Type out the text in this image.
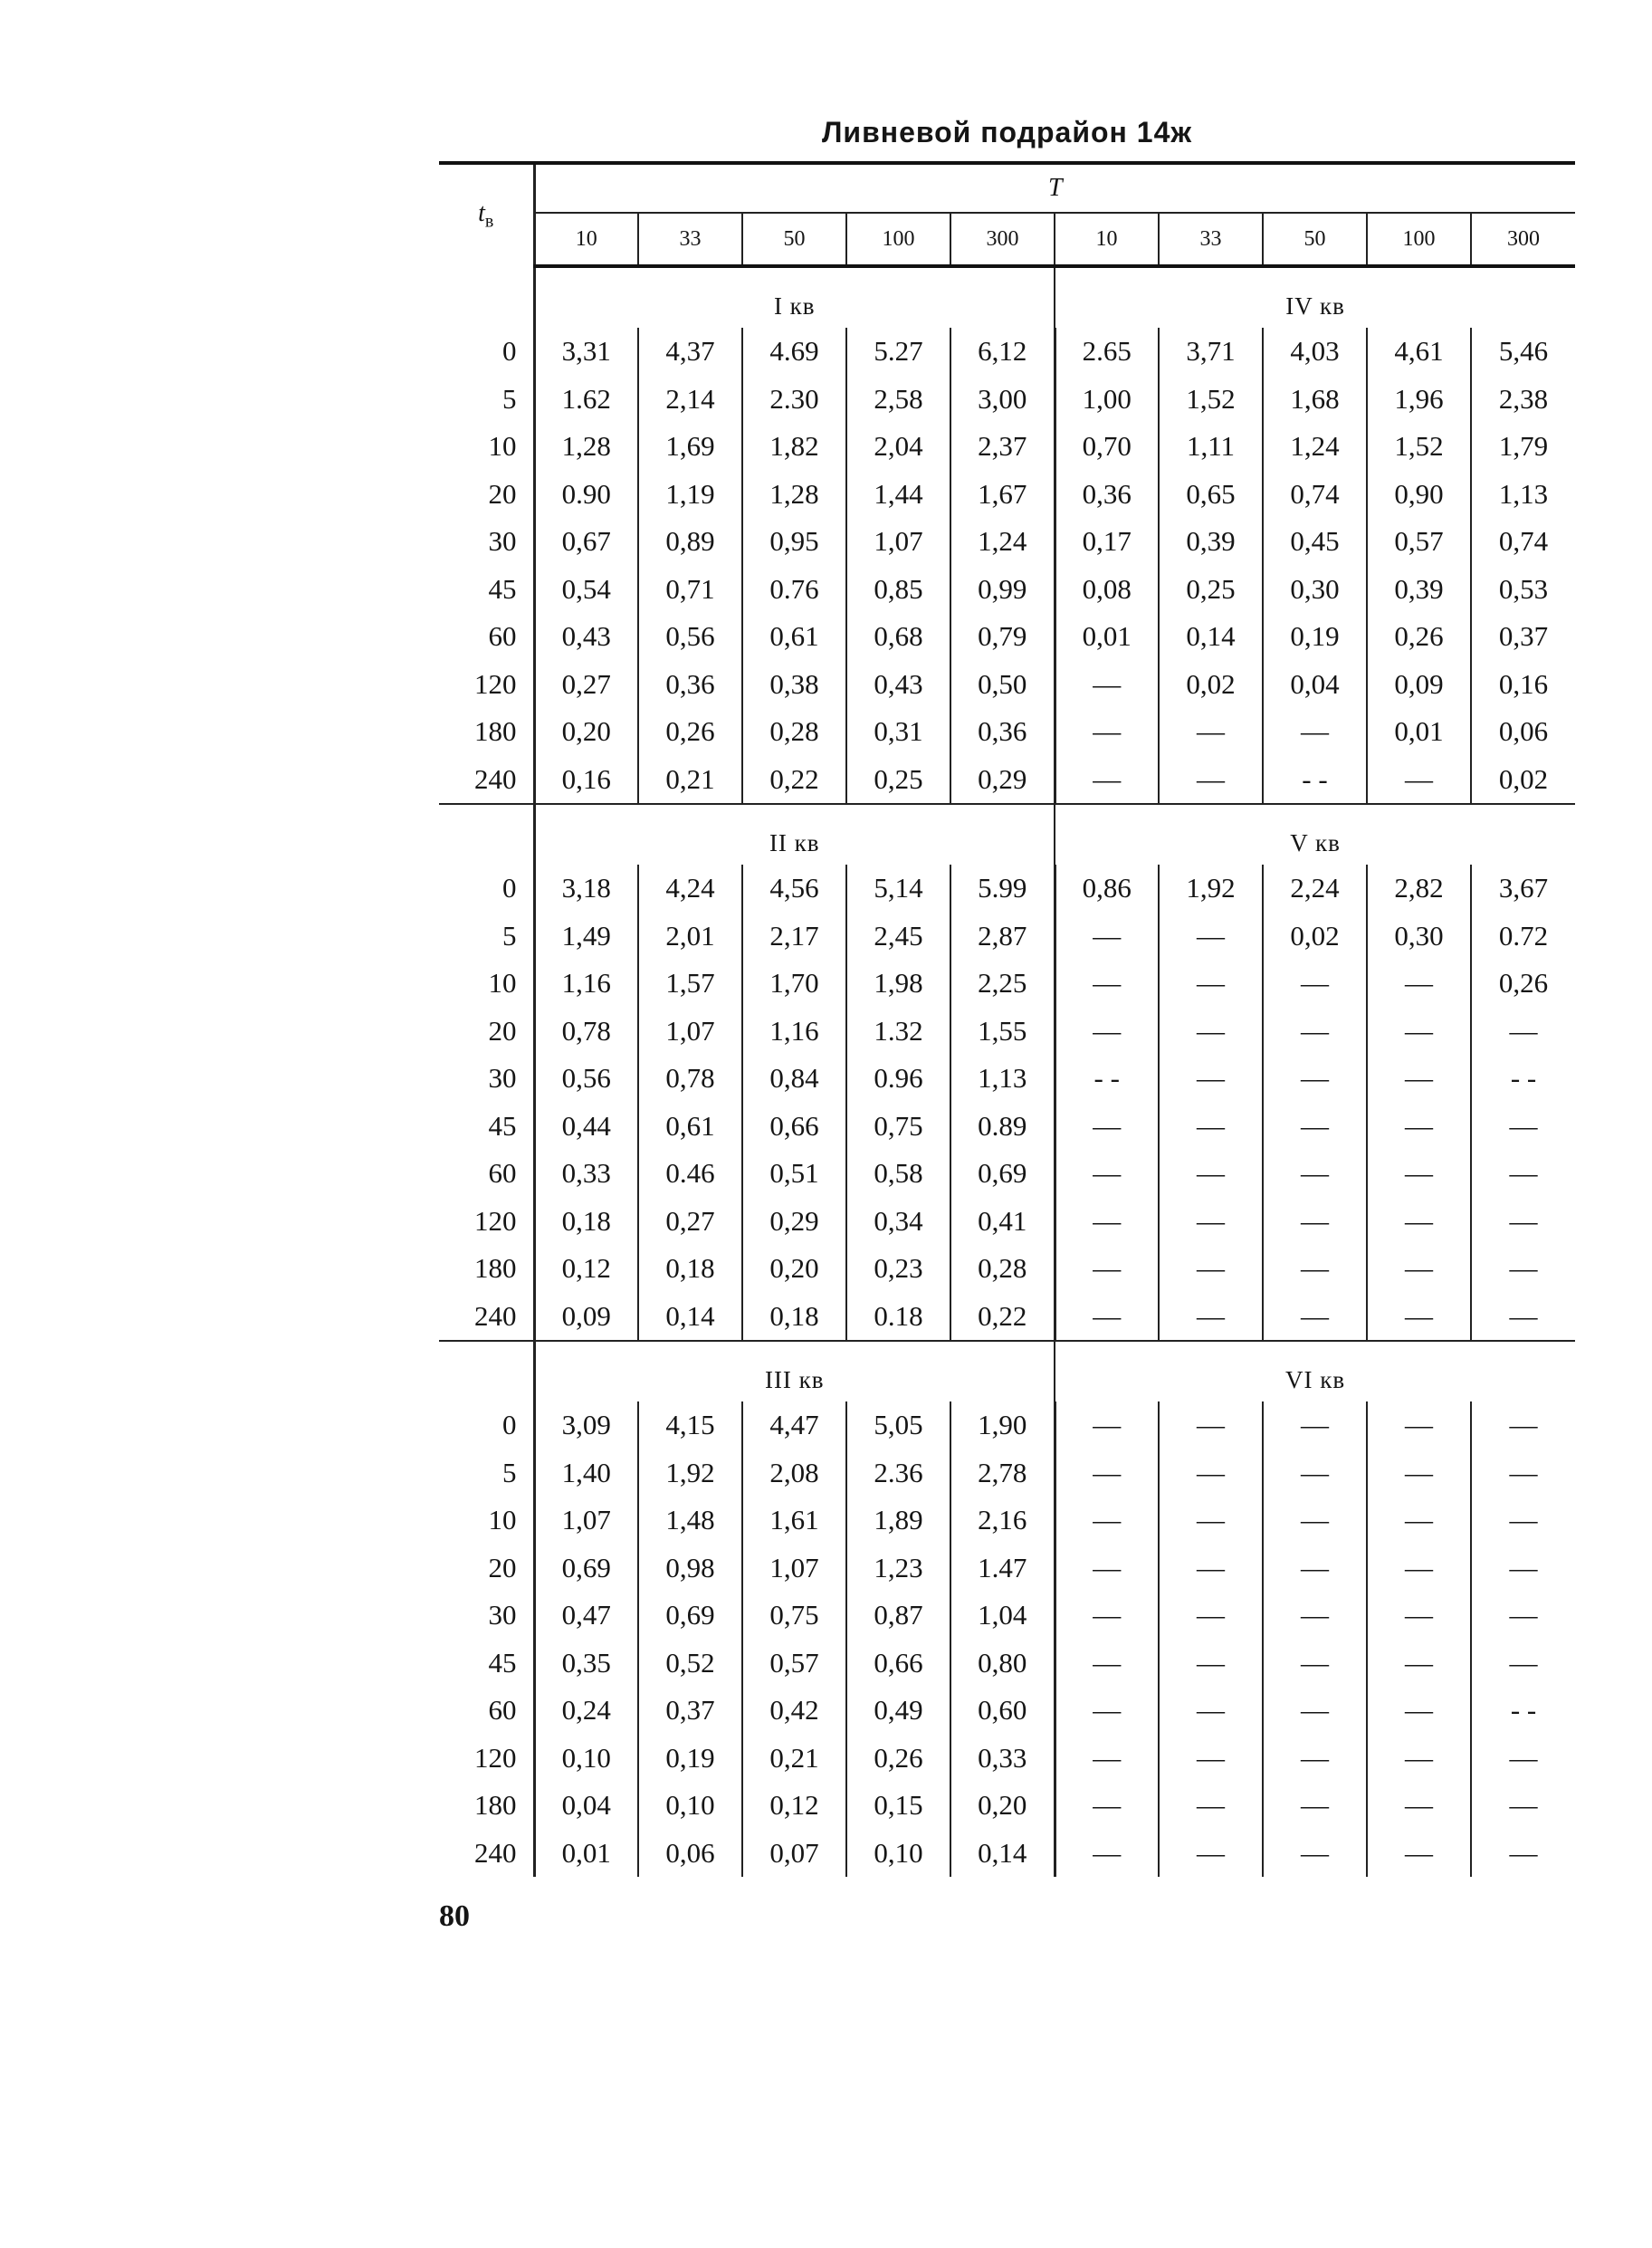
Ливневой подрайон 14ж
$t_в$	T									
	10	33	50	100	300	10	33	50	100	300
	I кв					IV кв				
0	3,31	4,37	4.69	5.27	6,12	2.65	3,71	4,03	4,61	5,46
5	1.62	2,14	2.30	2,58	3,00	1,00	1,52	1,68	1,96	2,38
10	1,28	1,69	1,82	2,04	2,37	0,70	1,11	1,24	1,52	1,79
20	0.90	1,19	1,28	1,44	1,67	0,36	0,65	0,74	0,90	1,13
30	0,67	0,89	0,95	1,07	1,24	0,17	0,39	0,45	0,57	0,74
45	0,54	0,71	0.76	0,85	0,99	0,08	0,25	0,30	0,39	0,53
60	0,43	0,56	0,61	0,68	0,79	0,01	0,14	0,19	0,26	0,37
120	0,27	0,36	0,38	0,43	0,50	—	0,02	0,04	0,09	0,16
180	0,20	0,26	0,28	0,31	0,36	—	—	—	0,01	0,06
240	0,16	0,21	0,22	0,25	0,29	—	—	- -	—	0,02

	II кв					V кв				
0	3,18	4,24	4,56	5,14	5.99	0,86	1,92	2,24	2,82	3,67
5	1,49	2,01	2,17	2,45	2,87	—	—	0,02	0,30	0.72
10	1,16	1,57	1,70	1,98	2,25	—	—	—	—	0,26
20	0,78	1,07	1,16	1.32	1,55	—	—	—	—	—
30	0,56	0,78	0,84	0.96	1,13	- -	—	—	—	- -
45	0,44	0,61	0,66	0,75	0.89	—	—	—	—	—
60	0,33	0.46	0,51	0,58	0,69	—	—	—	—	—
120	0,18	0,27	0,29	0,34	0,41	—	—	—	—	—
180	0,12	0,18	0,20	0,23	0,28	—	—	—	—	—
240	0,09	0,14	0,18	0.18	0,22	—	—	—	—	—

	III кв					VI кв				
0	3,09	4,15	4,47	5,05	1,90	—	—	—	—	—
5	1,40	1,92	2,08	2.36	2,78	—	—	—	—	—
10	1,07	1,48	1,61	1,89	2,16	—	—	—	—	—
20	0,69	0,98	1,07	1,23	1.47	—	—	—	—	—
30	0,47	0,69	0,75	0,87	1,04	—	—	—	—	—
45	0,35	0,52	0,57	0,66	0,80	—	—	—	—	—
60	0,24	0,37	0,42	0,49	0,60	—	—	—	—	- -
120	0,10	0,19	0,21	0,26	0,33	—	—	—	—	—
180	0,04	0,10	0,12	0,15	0,20	—	—	—	—	—
240	0,01	0,06	0,07	0,10	0,14	—	—	—	—	—
80
